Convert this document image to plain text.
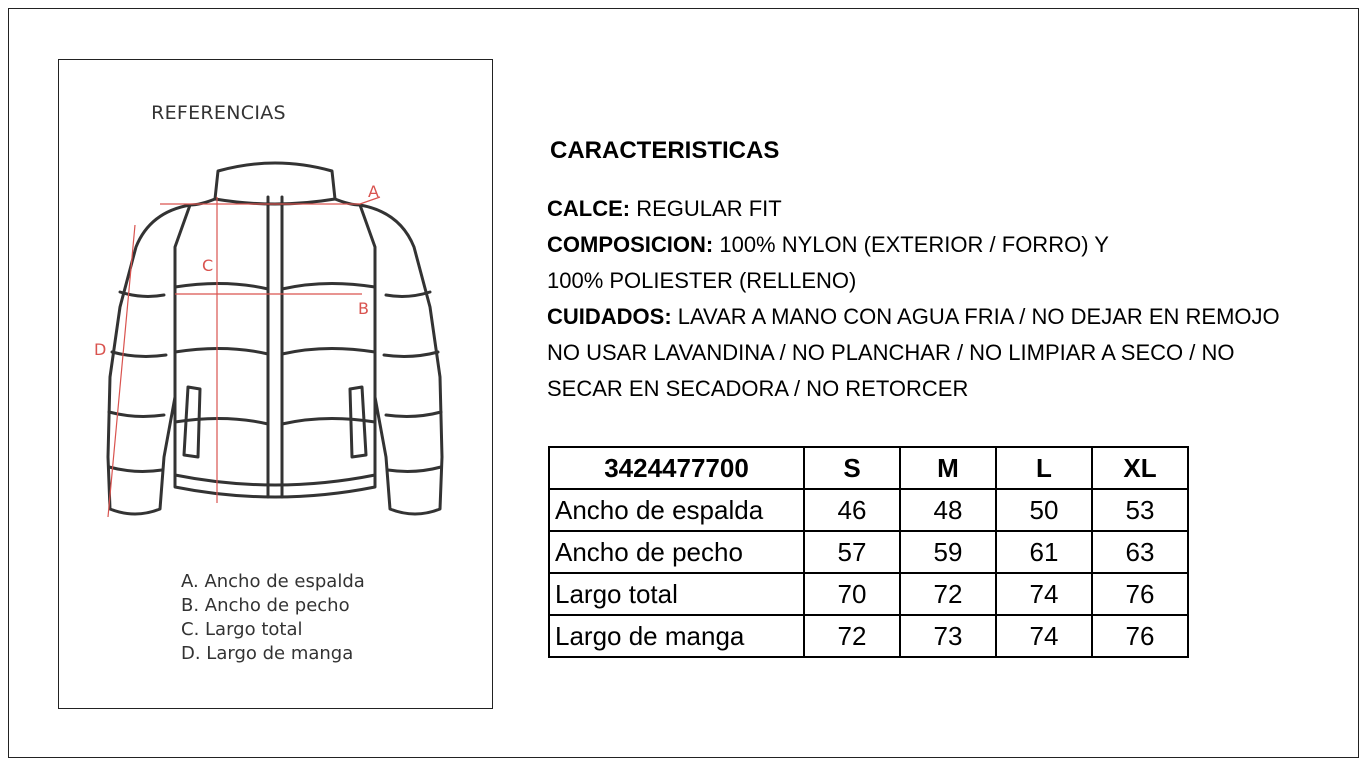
REFERENCIAS
A
C
B
D
A. Ancho de espalda
B. Ancho de pecho
C. Largo total
D. Largo de manga
CARACTERISTICAS
CALCE: REGULAR FIT
COMPOSICION: 100% NYLON (EXTERIOR / FORRO) Y
100% POLIESTER (RELLENO)
CUIDADOS: LAVAR A MANO CON AGUA FRIA / NO DEJAR EN REMOJO
NO USAR LAVANDINA / NO PLANCHAR / NO LIMPIAR A SECO / NO
SECAR EN SECADORA / NO RETORCER
3424477700	S	M	L	XL
Ancho de espalda	46	48	50	53
Ancho de pecho	57	59	61	63
Largo total	70	72	74	76
Largo de manga	72	73	74	76
